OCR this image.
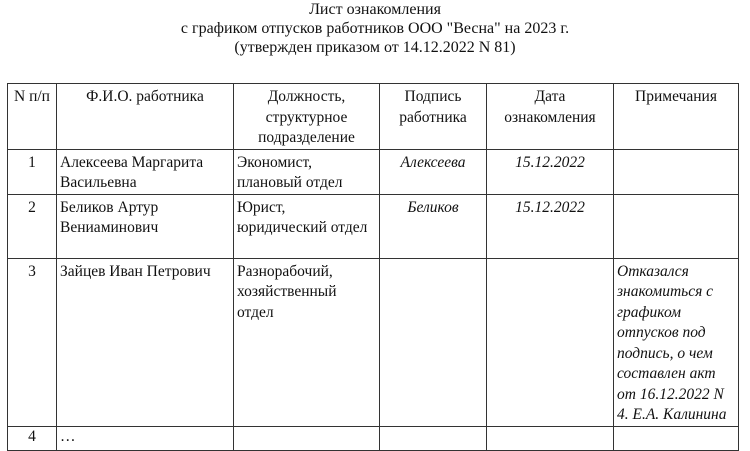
Лист ознакомления
с графиком отпусков работников ООО "Весна" на 2023 г.
(утвержден приказом от 14.12.2022 N 81)
N п/п	Ф.И.О. работника	Должность, структурное подразделение	Подпись работника	Дата ознакомления	Примечания
1	Алексеева Маргарита Васильевна	Экономист, плановый отдел	Алексеева	15.12.2022	
2	Беликов Артур Вениаминович	Юрист, юридический отдел	Беликов	15.12.2022	
3	Зайцев Иван Петрович	Разнорабочий, хозяйственный отдел			Отказался знакомиться с графиком отпусков под подпись, о чем составлен акт от 16.12.2022 N 4. Е.А. Калинина
4	…				
